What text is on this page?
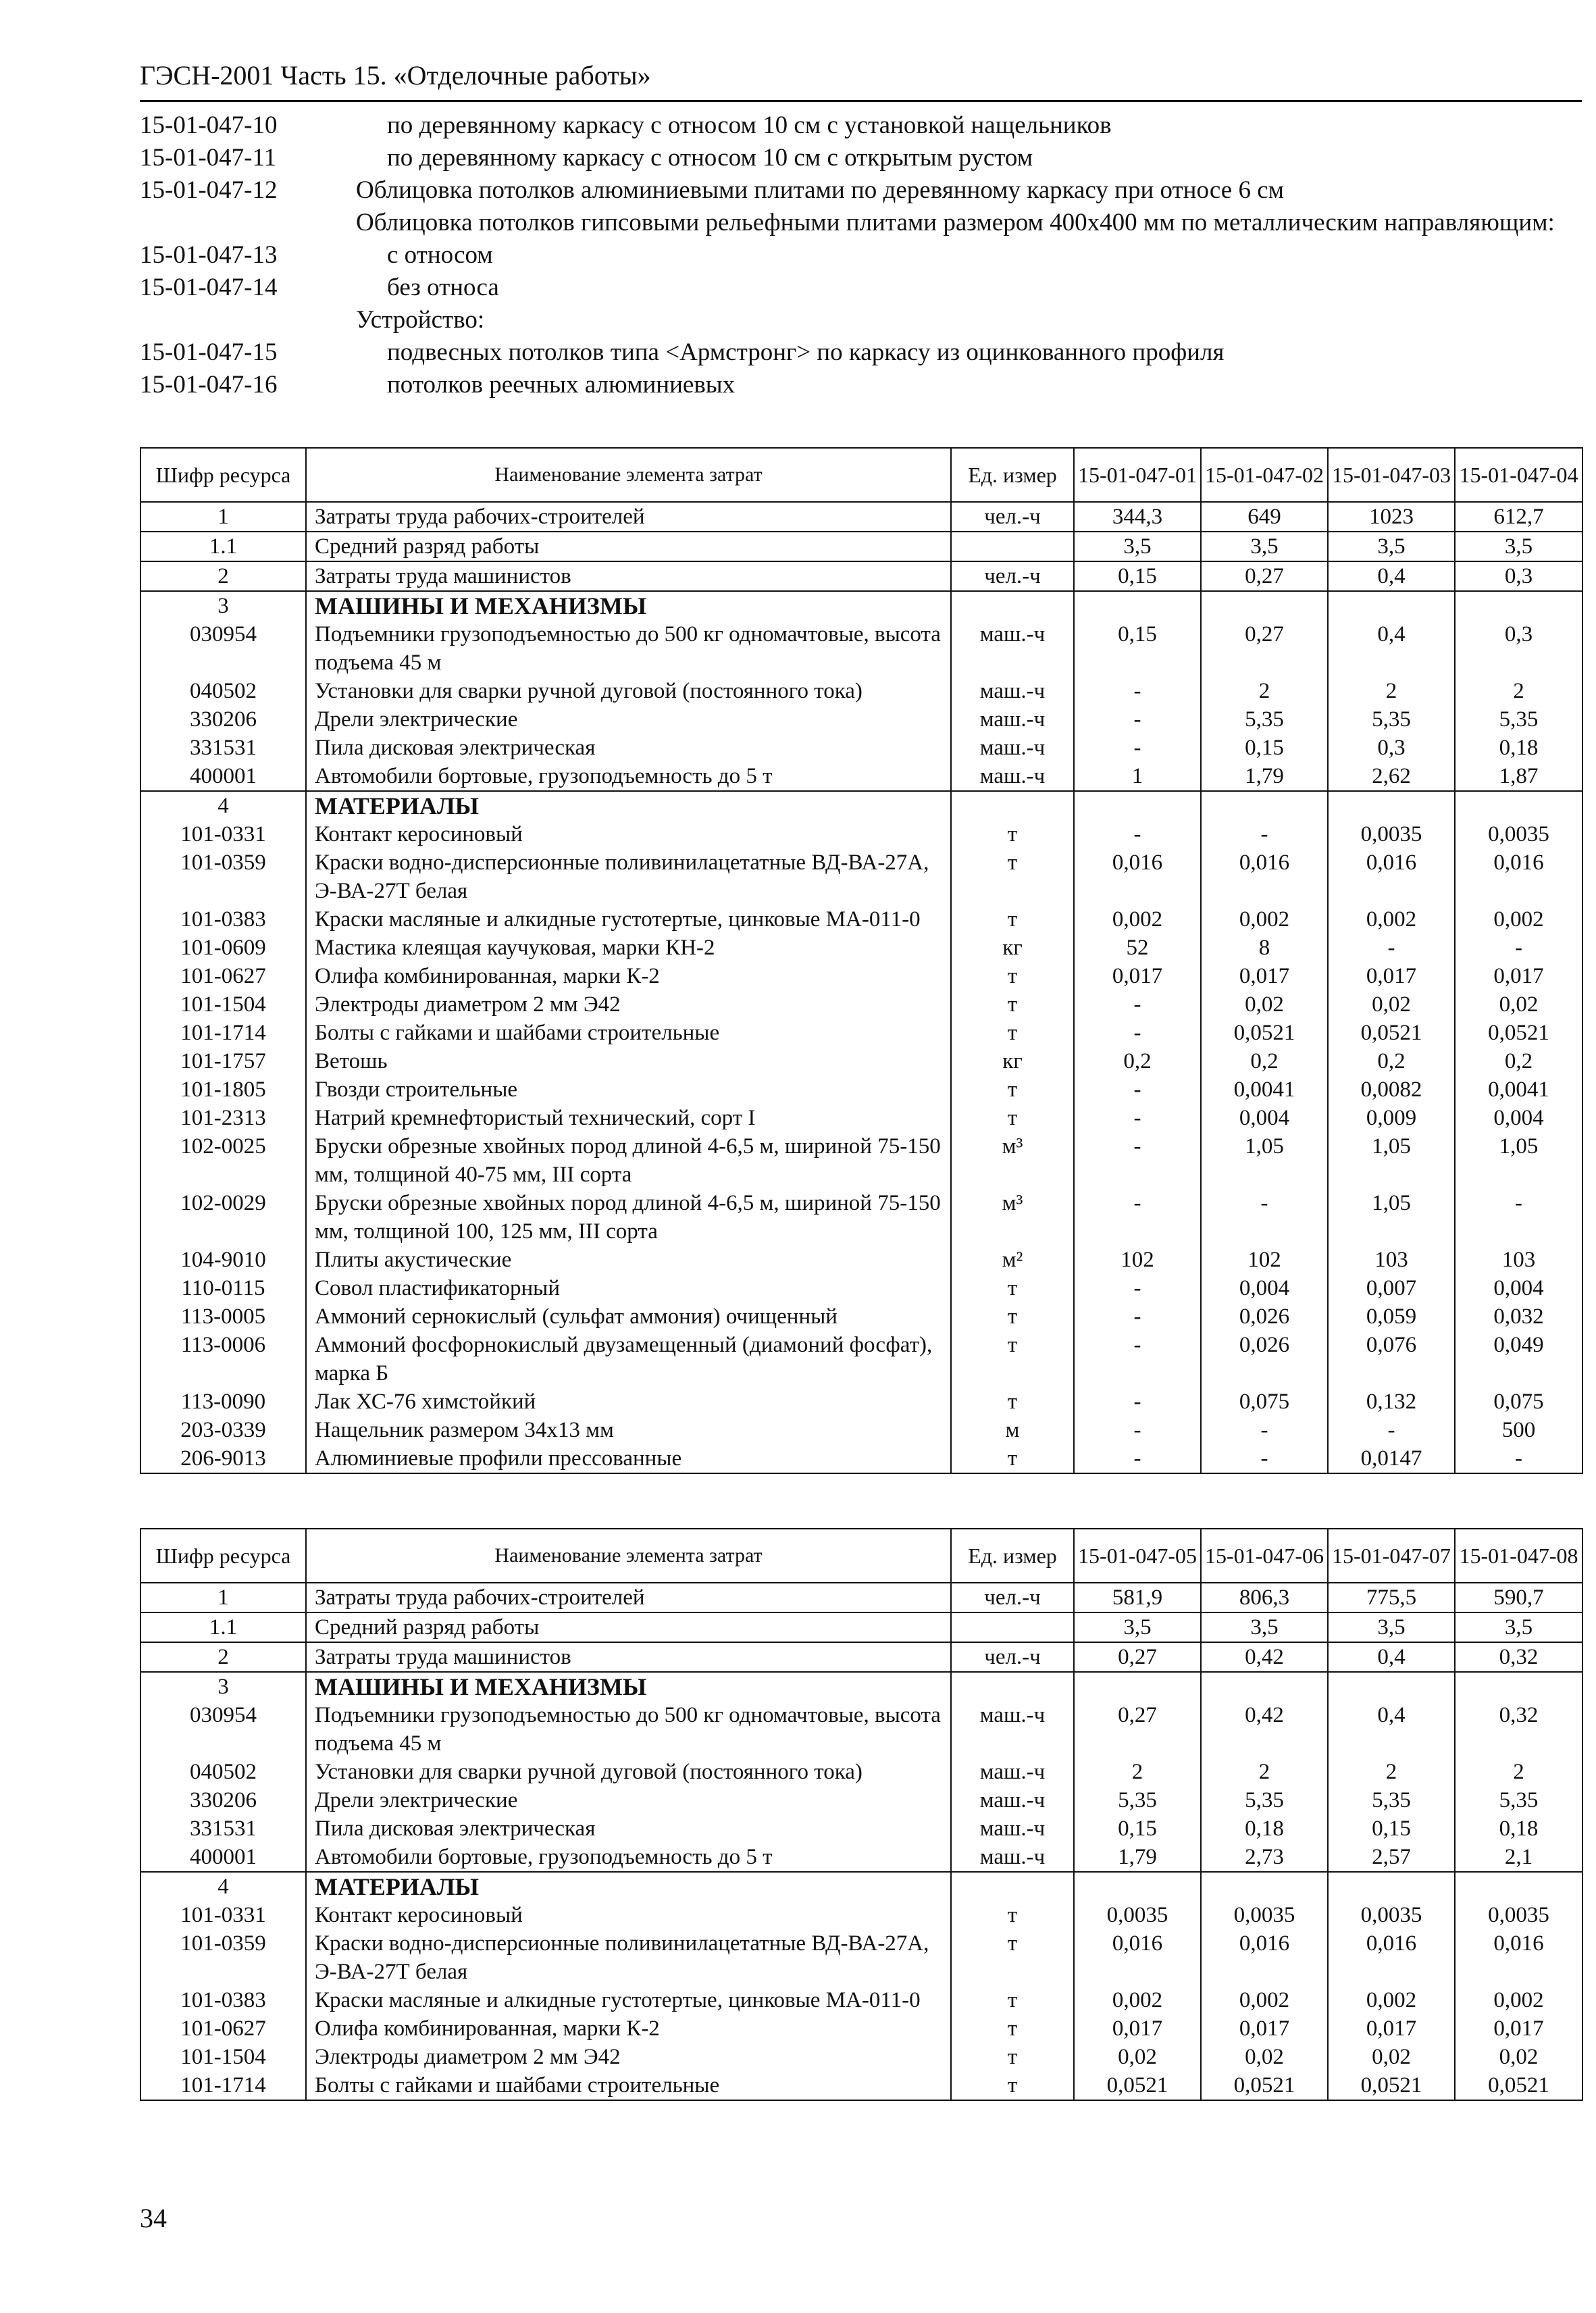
ГЭСН-2001 Часть 15. «Отделочные работы»
15-01-047-10	по деревянному каркасу с относом 10 см с установкой нащельников
15-01-047-11	по деревянному каркасу с относом 10 см с открытым рустом
15-01-047-12	Облицовка потолков алюминиевыми плитами по деревянному каркасу при относе 6 см
Облицовка потолков гипсовыми рельефными плитами размером 400х400 мм по металлическим направляющим:
15-01-047-13	с относом
15-01-047-14	без относа
Устройство:
15-01-047-15	подвесных потолков типа <Армстронг> по каркасу из оцинкованного профиля
15-01-047-16	потолков реечных алюминиевых
Шифр ресурса	Наименование элемента затрат	Ед. измер	15-01-047-01	15-01-047-02	15-01-047-03	15-01-047-04
1	Затраты труда рабочих-строителей	чел.-ч	344,3	649	1023	612,7
1.1	Средний разряд работы		3,5	3,5	3,5	3,5
2	Затраты труда машинистов	чел.-ч	0,15	0,27	0,4	0,3
3	МАШИНЫ И МЕХАНИЗМЫ					
030954	Подъемники грузоподъемностью до 500 кг одномачтовые, высота подъема 45 м	маш.-ч	0,15	0,27	0,4	0,3
040502	Установки для сварки ручной дуговой (постоянного тока)	маш.-ч	-	2	2	2
330206	Дрели электрические	маш.-ч	-	5,35	5,35	5,35
331531	Пила дисковая электрическая	маш.-ч	-	0,15	0,3	0,18
400001	Автомобили бортовые, грузоподъемность до 5 т	маш.-ч	1	1,79	2,62	1,87
4	МАТЕРИАЛЫ					
101-0331	Контакт керосиновый	т	-	-	0,0035	0,0035
101-0359	Краски водно-дисперсионные поливинилацетатные ВД-ВА-27А, Э-ВА-27Т белая	т	0,016	0,016	0,016	0,016
101-0383	Краски масляные и алкидные густотертые, цинковые МА-011-0	т	0,002	0,002	0,002	0,002
101-0609	Мастика клеящая каучуковая, марки КН-2	кг	52	8	-	-
101-0627	Олифа комбинированная, марки К-2	т	0,017	0,017	0,017	0,017
101-1504	Электроды диаметром 2 мм Э42	т	-	0,02	0,02	0,02
101-1714	Болты с гайками и шайбами строительные	т	-	0,0521	0,0521	0,0521
101-1757	Ветошь	кг	0,2	0,2	0,2	0,2
101-1805	Гвозди строительные	т	-	0,0041	0,0082	0,0041
101-2313	Натрий кремнефтористый технический, сорт I	т	-	0,004	0,009	0,004
102-0025	Бруски обрезные хвойных пород длиной 4-6,5 м, шириной 75-150 мм, толщиной 40-75 мм, III сорта	м³	-	1,05	1,05	1,05
102-0029	Бруски обрезные хвойных пород длиной 4-6,5 м, шириной 75-150 мм, толщиной 100, 125 мм, III сорта	м³	-	-	1,05	-
104-9010	Плиты акустические	м²	102	102	103	103
110-0115	Совол пластификаторный	т	-	0,004	0,007	0,004
113-0005	Аммоний сернокислый (сульфат аммония) очищенный	т	-	0,026	0,059	0,032
113-0006	Аммоний фосфорнокислый двузамещенный (диамоний фосфат), марка Б	т	-	0,026	0,076	0,049
113-0090	Лак ХС-76 химстойкий	т	-	0,075	0,132	0,075
203-0339	Нащельник размером 34х13 мм	м	-	-	-	500
206-9013	Алюминиевые профили прессованные	т	-	-	0,0147	-
Шифр ресурса	Наименование элемента затрат	Ед. измер	15-01-047-05	15-01-047-06	15-01-047-07	15-01-047-08
1	Затраты труда рабочих-строителей	чел.-ч	581,9	806,3	775,5	590,7
1.1	Средний разряд работы		3,5	3,5	3,5	3,5
2	Затраты труда машинистов	чел.-ч	0,27	0,42	0,4	0,32
3	МАШИНЫ И МЕХАНИЗМЫ					
030954	Подъемники грузоподъемностью до 500 кг одномачтовые, высота подъема 45 м	маш.-ч	0,27	0,42	0,4	0,32
040502	Установки для сварки ручной дуговой (постоянного тока)	маш.-ч	2	2	2	2
330206	Дрели электрические	маш.-ч	5,35	5,35	5,35	5,35
331531	Пила дисковая электрическая	маш.-ч	0,15	0,18	0,15	0,18
400001	Автомобили бортовые, грузоподъемность до 5 т	маш.-ч	1,79	2,73	2,57	2,1
4	МАТЕРИАЛЫ					
101-0331	Контакт керосиновый	т	0,0035	0,0035	0,0035	0,0035
101-0359	Краски водно-дисперсионные поливинилацетатные ВД-ВА-27А, Э-ВА-27Т белая	т	0,016	0,016	0,016	0,016
101-0383	Краски масляные и алкидные густотертые, цинковые МА-011-0	т	0,002	0,002	0,002	0,002
101-0627	Олифа комбинированная, марки К-2	т	0,017	0,017	0,017	0,017
101-1504	Электроды диаметром 2 мм Э42	т	0,02	0,02	0,02	0,02
101-1714	Болты с гайками и шайбами строительные	т	0,0521	0,0521	0,0521	0,0521
34
